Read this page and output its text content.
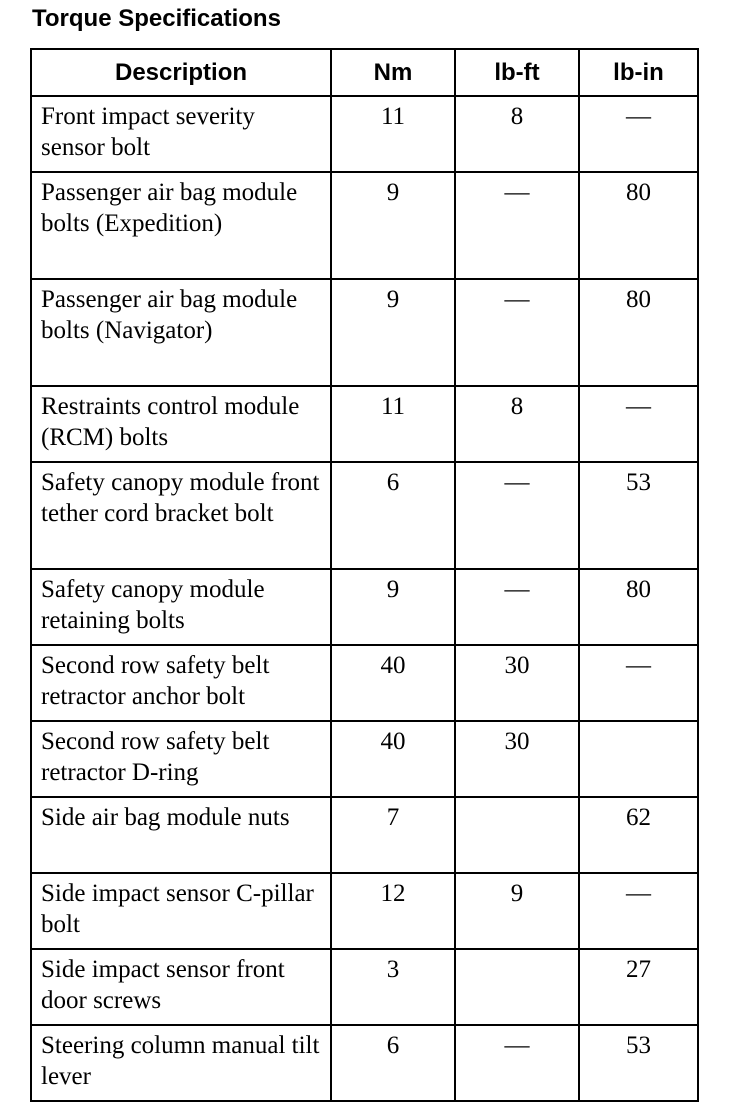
Torque Specifications
Description	Nm	lb-ft	lb-in
Front impact severity sensor bolt	11	8	—
Passenger air bag module bolts (Expedition)	9	—	80
Passenger air bag module bolts (Navigator)	9	—	80
Restraints control module (RCM) bolts	11	8	—
Safety canopy module front tether cord bracket bolt	6	—	53
Safety canopy module retaining bolts	9	—	80
Second row safety belt retractor anchor bolt	40	30	—
Second row safety belt retractor D-ring	40	30	
Side air bag module nuts	7		62
Side impact sensor C-pillar bolt	12	9	—
Side impact sensor front door screws	3		27
Steering column manual tilt lever	6	—	53
